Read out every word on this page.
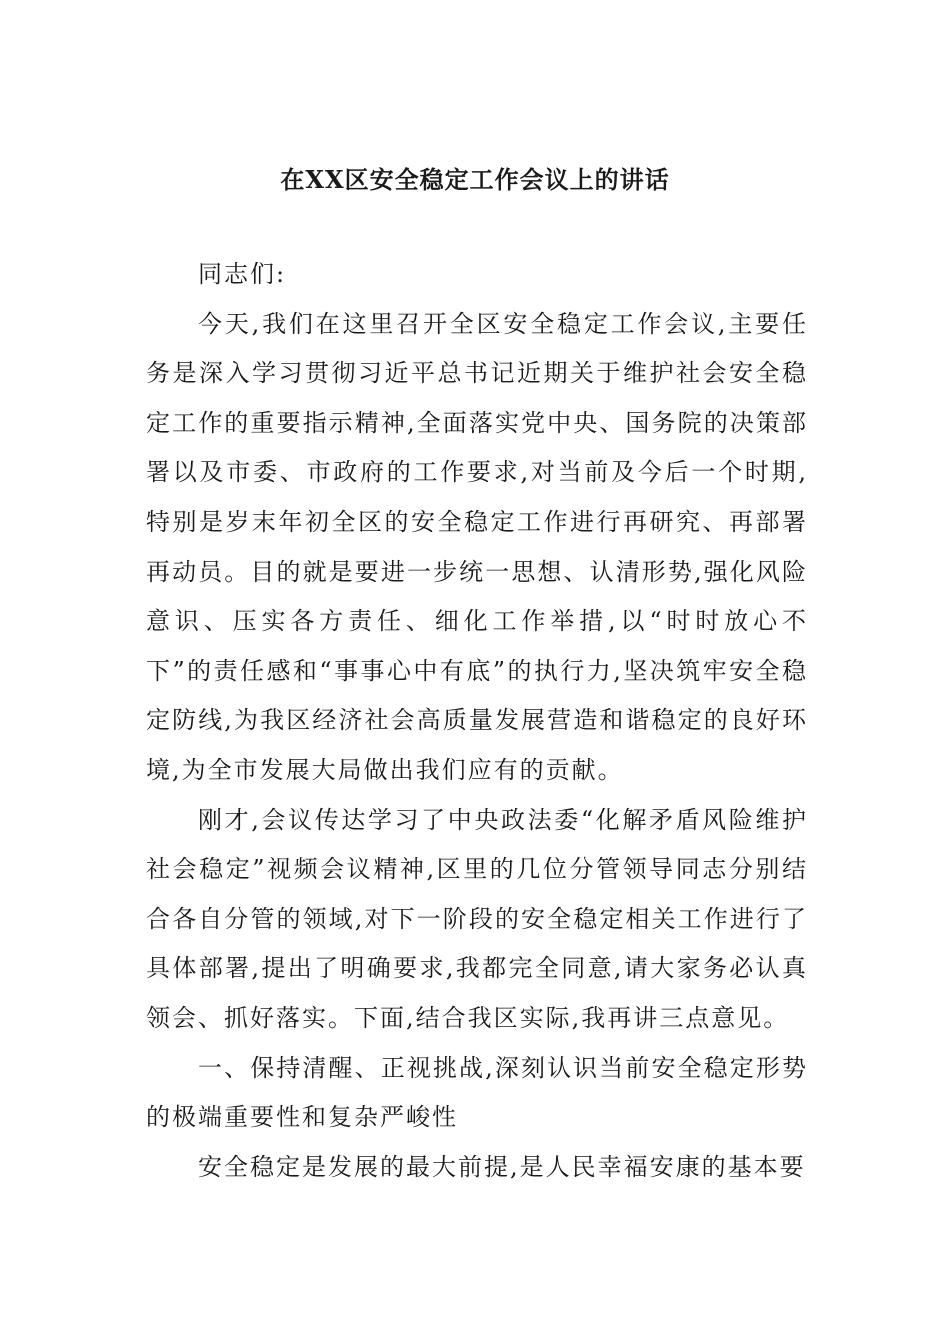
在XX区安全稳定工作会议上的讲话

同志们:

今天,我们在这里召开全区安全稳定工作会议,主要任务是深入学习贯彻习近平总书记近期关于维护社会安全稳定工作的重要指示精神,全面落实党中央、国务院的决策部署以及市委、市政府的工作要求,对当前及今后一个时期,特别是岁末年初全区的安全稳定工作进行再研究、再部署再动员。目的就是要进一步统一思想、认清形势,强化风险意识、压实各方责任、细化工作举措,以“时时放心不下”的责任感和“事事心中有底”的执行力,坚决筑牢安全稳定防线,为我区经济社会高质量发展营造和谐稳定的良好环境,为全市发展大局做出我们应有的贡献。

刚才,会议传达学习了中央政法委“化解矛盾风险维护社会稳定”视频会议精神,区里的几位分管领导同志分别结合各自分管的领域,对下一阶段的安全稳定相关工作进行了具体部署,提出了明确要求,我都完全同意,请大家务必认真领会、抓好落实。下面,结合我区实际,我再讲三点意见。

一、保持清醒、正视挑战,深刻认识当前安全稳定形势的极端重要性和复杂严峻性

安全稳定是发展的最大前提,是人民幸福安康的基本要
